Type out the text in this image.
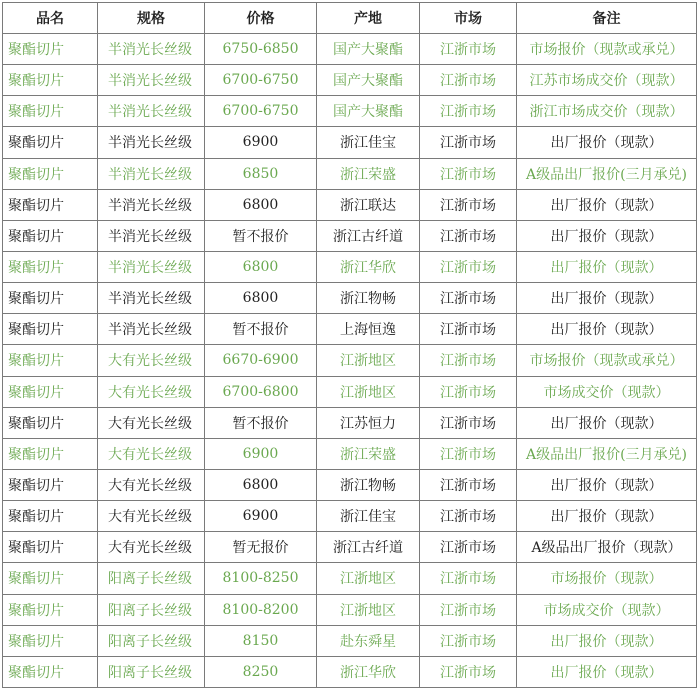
品名	规格	价格	产地	市场	备注
聚酯切片	半消光长丝级	6750-6850	国产大聚酯	江浙市场	市场报价（现款或承兑）
聚酯切片	半消光长丝级	6700-6750	国产大聚酯	江浙市场	江苏市场成交价（现款）
聚酯切片	半消光长丝级	6700-6750	国产大聚酯	江浙市场	浙江市场成交价（现款）
聚酯切片	半消光长丝级	6900	浙江佳宝	江浙市场	出厂报价（现款）
聚酯切片	半消光长丝级	6850	浙江荣盛	江浙市场	A级品出厂报价(三月承兑)
聚酯切片	半消光长丝级	6800	浙江联达	江浙市场	出厂报价（现款）
聚酯切片	半消光长丝级	暂不报价	浙江古纤道	江浙市场	出厂报价（现款）
聚酯切片	半消光长丝级	6800	浙江华欣	江浙市场	出厂报价（现款）
聚酯切片	半消光长丝级	6800	浙江物畅	江浙市场	出厂报价（现款）
聚酯切片	半消光长丝级	暂不报价	上海恒逸	江浙市场	出厂报价（现款）
聚酯切片	大有光长丝级	6670-6900	江浙地区	江浙市场	市场报价（现款或承兑）
聚酯切片	大有光长丝级	6700-6800	江浙地区	江浙市场	市场成交价（现款）
聚酯切片	大有光长丝级	暂不报价	江苏恒力	江浙市场	出厂报价（现款）
聚酯切片	大有光长丝级	6900	浙江荣盛	江浙市场	A级品出厂报价(三月承兑)
聚酯切片	大有光长丝级	6800	浙江物畅	江浙市场	出厂报价（现款）
聚酯切片	大有光长丝级	6900	浙江佳宝	江浙市场	出厂报价（现款）
聚酯切片	大有光长丝级	暂无报价	浙江古纤道	江浙市场	A级品出厂报价（现款）
聚酯切片	阳离子长丝级	8100-8250	江浙地区	江浙市场	市场报价（现款）
聚酯切片	阳离子长丝级	8100-8200	江浙地区	江浙市场	市场成交价（现款）
聚酯切片	阳离子长丝级	8150	赴东舜星	江浙市场	出厂报价（现款）
聚酯切片	阳离子长丝级	8250	浙江华欣	江浙市场	出厂报价（现款）
